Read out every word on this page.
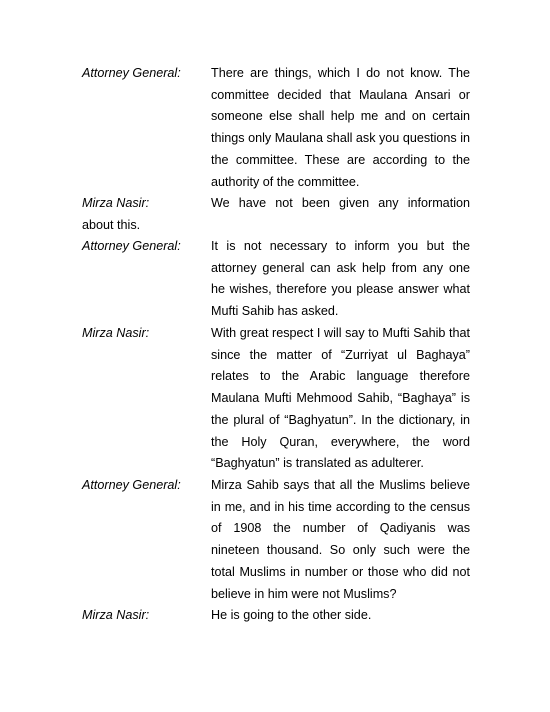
Attorney General:	There are things, which I do not know. The
committee decided that Maulana Ansari or
someone else shall help me and on certain
things only Maulana shall ask you questions in
the committee. These are according to the
authority of the committee.
Mirza Nasir:	We have not been given any information
about this.
Attorney General:	It is not necessary to inform you but the
attorney general can ask help from any one
he wishes, therefore you please answer what
Mufti Sahib has asked.
Mirza Nasir:	With great respect I will say to Mufti Sahib that
since the matter of “Zurriyat ul Baghaya”
relates to the Arabic language therefore
Maulana Mufti Mehmood Sahib, “Baghaya” is
the plural of “Baghyatun”. In the dictionary, in
the Holy Quran, everywhere, the word
“Baghyatun” is translated as adulterer.
Attorney General:	Mirza Sahib says that all the Muslims believe
in me, and in his time according to the census
of 1908 the number of Qadiyanis was
nineteen thousand. So only such were the
total Muslims in number or those who did not
believe in him were not Muslims?
Mirza Nasir:	He is going to the other side.
